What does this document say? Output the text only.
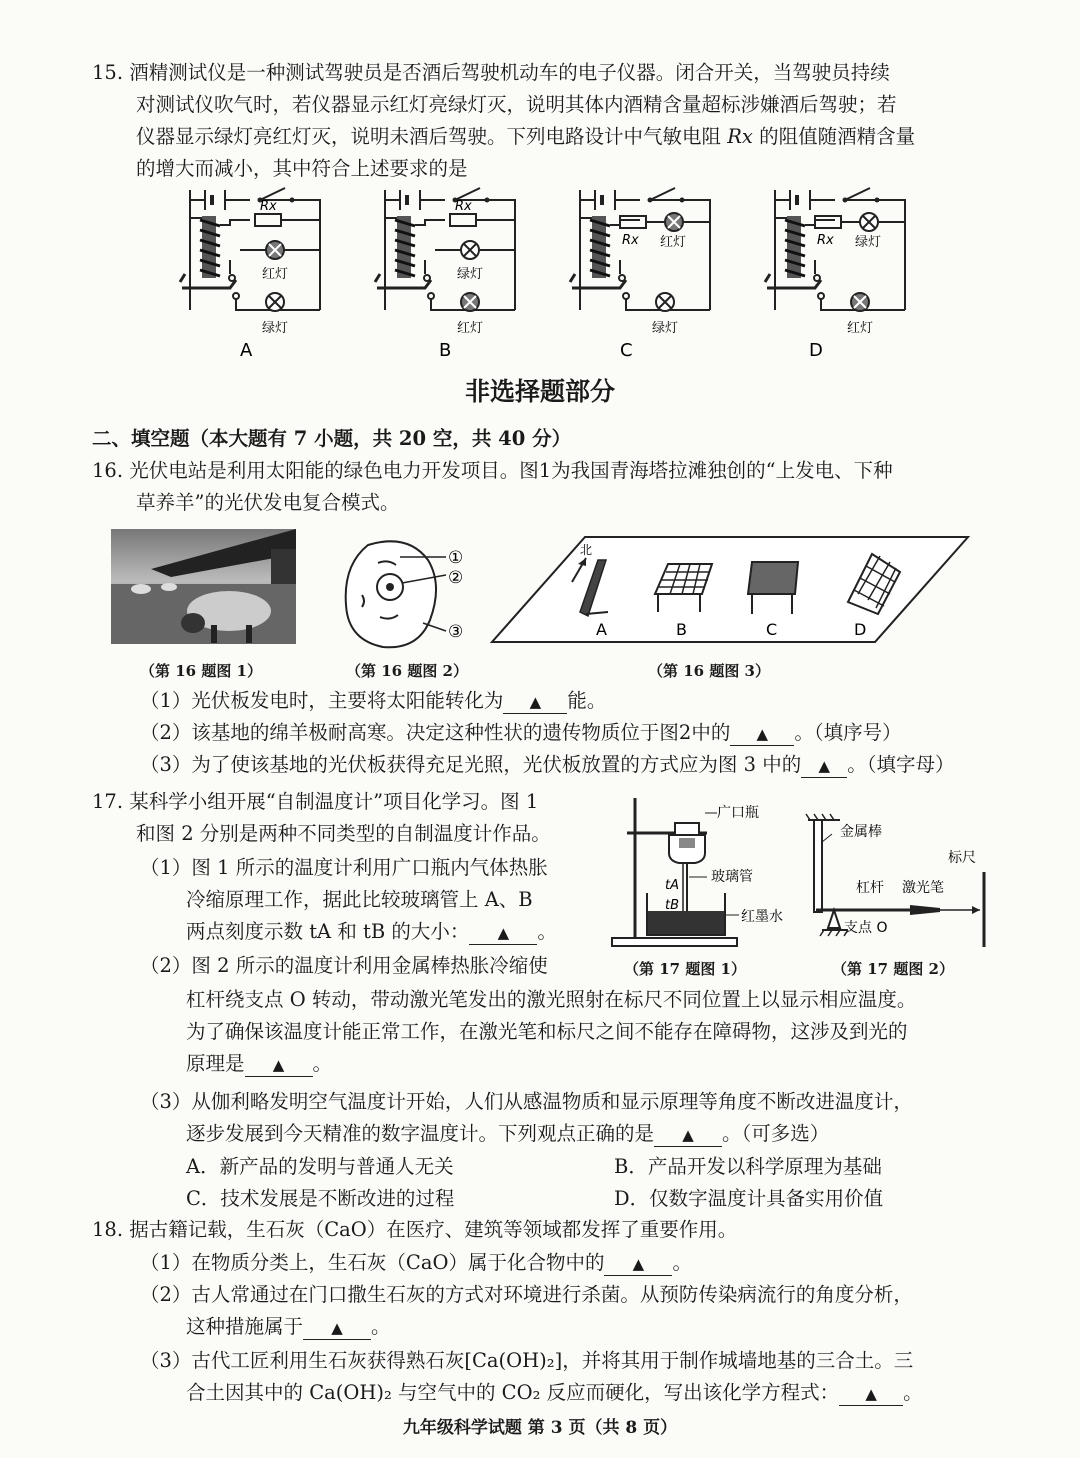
15. 酒精测试仪是一种测试驾驶员是否酒后驾驶机动车的电子仪器。闭合开关，当驾驶员持续
对测试仪吹气时，若仪器显示红灯亮绿灯灭，说明其体内酒精含量超标涉嫌酒后驾驶；若
仪器显示绿灯亮红灯灭，说明未酒后驾驶。下列电路设计中气敏电阻 Rx 的阻值随酒精含量
的增大而减小，其中符合上述要求的是
Rx
红灯
绿灯
A
Rx
绿灯
红灯
B
Rx 红灯
绿灯
C
Rx 绿灯
红灯
D
非选择题部分
二、填空题（本大题有 7 小题，共 20 空，共 40 分）
16. 光伏电站是利用太阳能的绿色电力开发项目。图1为我国青海塔拉滩独创的“上发电、下种
草养羊”的光伏发电复合模式。
①
②
③
北
A	B	C	D
（第 16 题图 1）	（第 16 题图 2）	（第 16 题图 3）
（1）光伏板发电时，主要将太阳能转化为 ▲ 能。
（2）该基地的绵羊极耐高寒。决定这种性状的遗传物质位于图2中的 ▲ 。（填序号）
（3）为了使该基地的光伏板获得充足光照，光伏板放置的方式应为图 3 中的 ▲ 。（填字母）
17. 某科学小组开展“自制温度计”项目化学习。图 1
和图 2 分别是两种不同类型的自制温度计作品。
（1）图 1 所示的温度计利用广口瓶内气体热胀
冷缩原理工作，据此比较玻璃管上 A、B
两点刻度示数 tA 和 tB 的大小： ▲ 。
（2）图 2 所示的温度计利用金属棒热胀冷缩使
广口瓶
玻璃管
红墨水
tA
tB
金属棒
标尺
杠杆 激光笔
支点 O
（第 17 题图 1）	（第 17 题图 2）
杠杆绕支点 O 转动，带动激光笔发出的激光照射在标尺不同位置上以显示相应温度。
为了确保该温度计能正常工作，在激光笔和标尺之间不能存在障碍物，这涉及到光的
原理是 ▲ 。
（3）从伽利略发明空气温度计开始，人们从感温物质和显示原理等角度不断改进温度计，
逐步发展到今天精准的数字温度计。下列观点正确的是 ▲ 。（可多选）
A．新产品的发明与普通人无关	B．产品开发以科学原理为基础
C．技术发展是不断改进的过程	D．仅数字温度计具备实用价值
18. 据古籍记载，生石灰（CaO）在医疗、建筑等领域都发挥了重要作用。
（1）在物质分类上，生石灰（CaO）属于化合物中的 ▲ 。
（2）古人常通过在门口撒生石灰的方式对环境进行杀菌。从预防传染病流行的角度分析，
这种措施属于 ▲ 。
（3）古代工匠利用生石灰获得熟石灰[Ca(OH)₂]，并将其用于制作城墙地基的三合土。三
合土因其中的 Ca(OH)₂ 与空气中的 CO₂ 反应而硬化，写出该化学方程式： ▲ 。
九年级科学试题 第 3 页（共 8 页）
